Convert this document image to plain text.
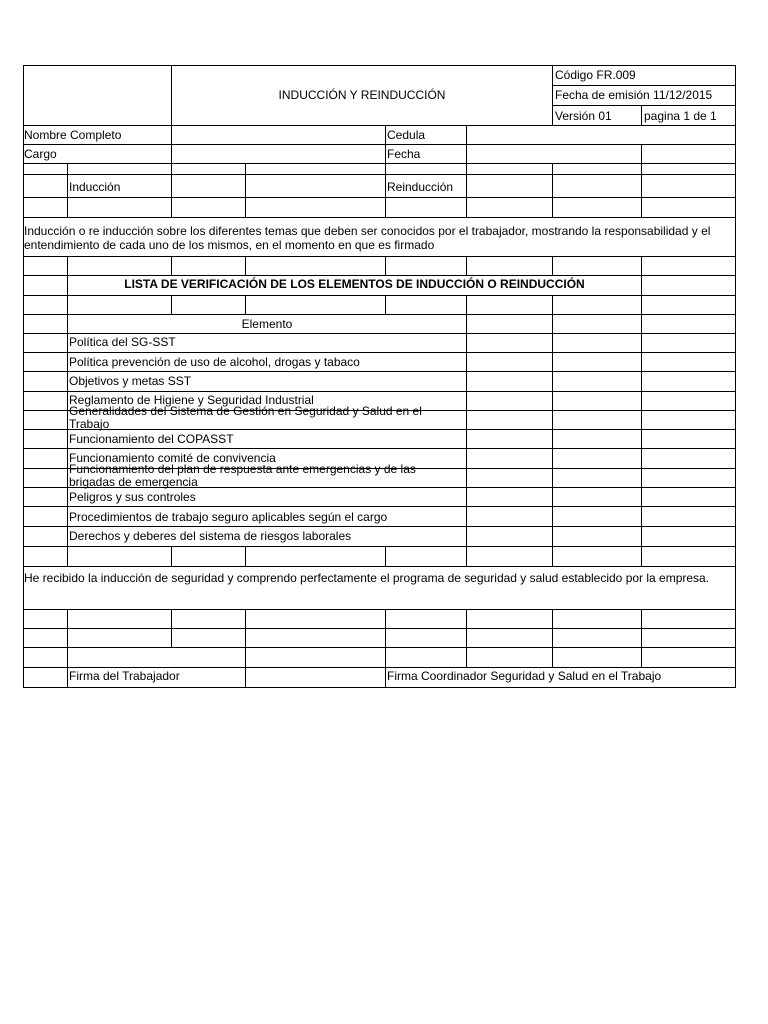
INDUCCIÓN Y REINDUCCIÓN
Código FR.009
Fecha de emisión 11/12/2015
Versión 01	pagina 1 de 1
Nombre Completo	Cedula
Cargo	Fecha
Inducción	Reinducción
Inducción o re inducción sobre los diferentes temas que deben ser conocidos por el trabajador, mostrando la responsabilidad y el entendimiento de cada uno de los mismos, en el momento en que es firmado
LISTA DE VERIFICACIÓN DE LOS ELEMENTOS DE INDUCCIÓN O REINDUCCIÓN
Elemento
Política del SG-SST
Política prevención de uso de alcohol, drogas y tabaco
Objetivos y metas SST
Reglamento de Higiene y Seguridad Industrial
Generalidades del Sistema de Gestión en Seguridad y Salud en el Trabajo
Funcionamiento del COPASST
Funcionamiento comité de convivencia
Funcionamiento del plan de respuesta ante emergencias y de las brigadas de emergencia
Peligros y sus controles
Procedimientos de trabajo seguro aplicables según el cargo
Derechos y deberes del sistema de riesgos laborales
He recibido la inducción de seguridad y comprendo perfectamente el programa de seguridad y salud establecido por la empresa.
Firma del Trabajador	Firma Coordinador Seguridad y Salud en el Trabajo
